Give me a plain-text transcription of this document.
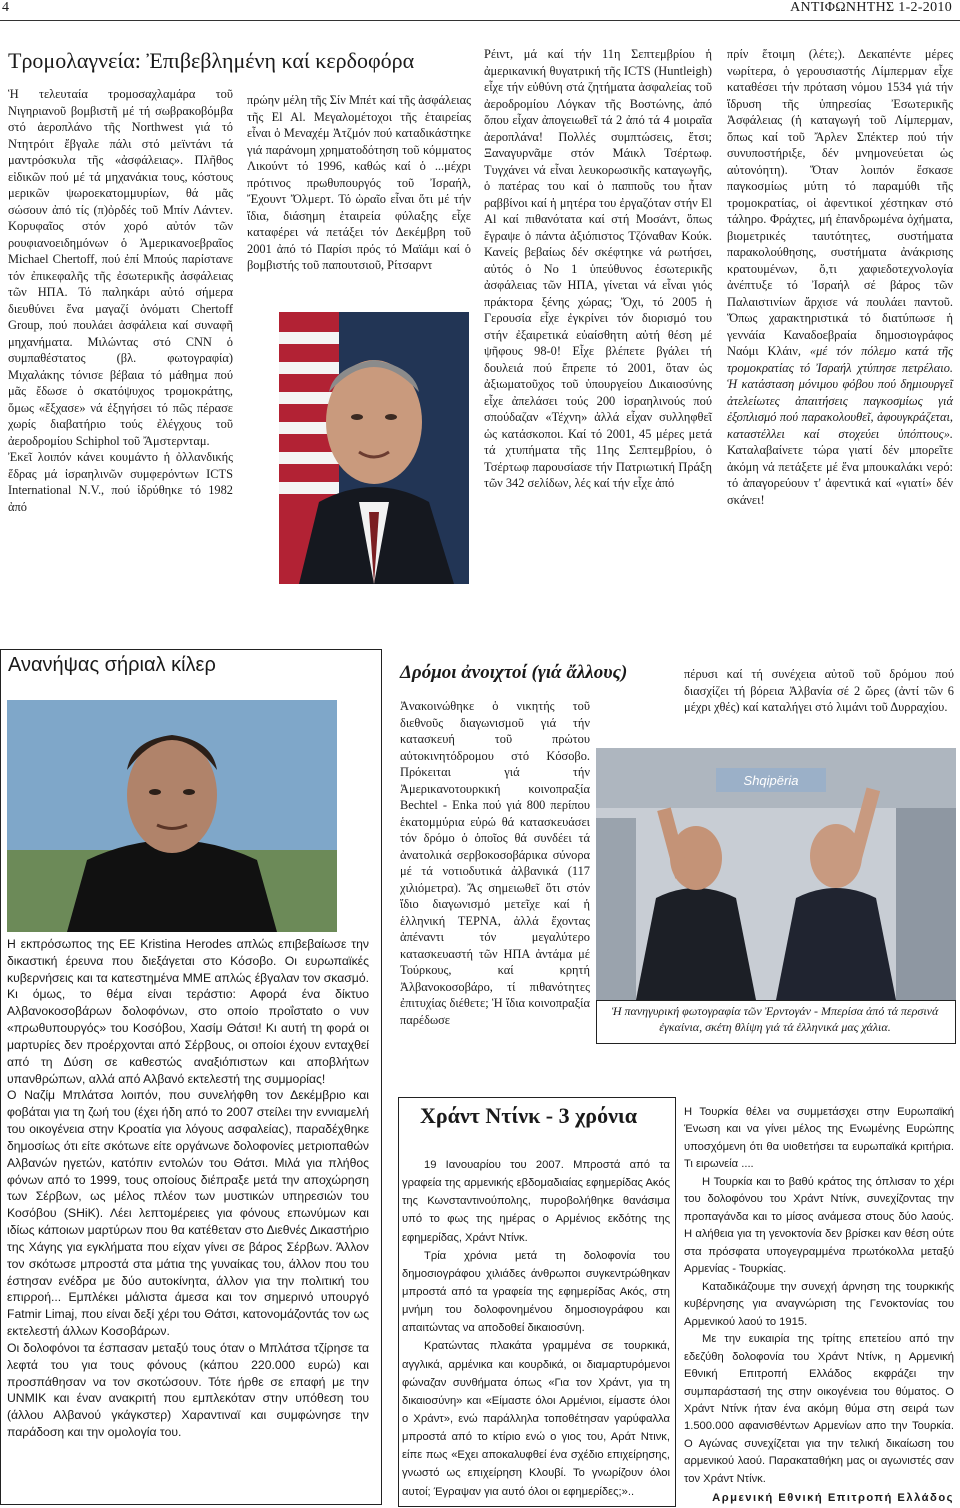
4	ΑΝΤΙΦΩΝΗΤΗΣ 1-2-2010
Τρομολαγνεία: Ἐπιβεβλημένη καί κερδοφόρα

Ἡ τελευταία τρομοσαχλαμάρα τοῦ Νιγηριανοῦ βομβιστῆ μέ τή σωβρακοβόμβα στό ἀεροπλάνο τῆς Northwest γιά τό Ντητρόιτ ἔβγαλε πάλι στό μεϊντάνι τά μαντρόσκυλα τῆς «ἀσφάλειας». Πλῆθος εἰδικῶν πού μέ τά μηχανάκια τους, κόστους μερικῶν ψωροεκατομμυρίων, θά μᾶς σώσουν ἀπό τίς (π)ὀρδές τοῦ Μπίν Λάντεν. Κορυφαῖος στόν χορό αὐτόν τῶν ρουφιανοειδημόνων ὁ Ἀμερικανοεβραῖος Michael Chertoff, πού ἐπί Μπούς παρίστανε τόν ἐπικεφαλῆς τῆς ἐσωτερικῆς ἀσφάλειας τῶν ΗΠΑ. Τό παληκάρι αὐτό σήμερα διευθύνει ἕνα μαγαζί ὀνόματι Chertoff Group, πού πουλάει ἀσφάλεια καί συναφῆ μηχανήματα. Μιλώντας στό CNN ὁ συμπαθέστατος (βλ. φωτογραφία) Μιχαλάκης τόνισε βέβαια τό μάθημα πού μᾶς ἔδωσε ὁ σκατόψυχος τρομοκράτης, ὅμως «ἔξχασε» νά ἐξηγήσει τό πῶς πέρασε χωρίς διαβατήριο τούς ἐλέγχους τοῦ ἀεροδρομίου Schiphol τοῦ Ἄμστερνταμ.

Ἐκεῖ λοιπόν κάνει κουμάντο ἡ ὀλλανδικής ἕδρας μά ἰσραηλινῶν συμφερόντων ICTS International N.V., πού ἱδρύθηκε τό 1982 ἀπό

πρώην μέλη τῆς Σίν Μπέτ καί τῆς ἀσφάλειας τῆς El Al. Μεγαλομέτοχοι τῆς ἑταιρείας εἶναι ὁ Μεναχέμ Ἀτζμόν πού καταδικάστηκε γιά παράνομη χρηματοδότηση τοῦ κόμματος Λικούντ τό 1996, καθώς καί ὁ ...μέχρι πρότινος πρωθυπουργός τοῦ Ἰσραήλ, Ἔχουντ Ὄλμερτ. Τό ὡραῖο εἶναι ὅτι μέ τήν ἴδια, διάσημη ἑταιρεία φύλαξης εἶχε καταφέρει νά πετάξει τόν Δεκέμβρη τοῦ 2001 ἀπό τό Παρίσι πρός τό Μαϊάμι καί ὁ βομβιστής τοῦ παπουτσιοῦ, Ρίτσαρντ
Ρέιντ, μά καί τήν 11η Σεπτεμβρίου ἡ ἀμερικανική θυγατρική τῆς ICTS (Huntleigh) εἶχε τήν εὐθύνη στά ζητήματα ἀσφαλείας τοῦ ἀεροδρομίου Λόγκαν τῆς Βοστώνης, ἀπό ὅπου εἶχαν ἀπογειωθεῖ τά 2 ἀπό τά 4 μοιραῖα ἀεροπλάνα! Πολλές συμπτώσεις, ἔτσι; Ξαναγυρνᾶμε στόν Μάικλ Τσέρτωφ. Τυγχάνει νά εἶναι λευκορωσικῆς καταγωγῆς, ὁ πατέρας του καί ὁ παπποῦς του ἦταν ραββίνοι καί ἡ μητέρα του ἐργαζόταν στήν El Al καί πιθανότατα καί στή Μοσάντ, ὅπως ἔγραψε ὁ πάντα ἀξιόπιστος Τζόναθαν Κούκ. Κανείς βεβαίως δέν σκέφτηκε νά ρωτήσει, αὐτός ὁ Νο 1 ὑπεύθυνος ἐσωτερικῆς ἀσφάλειας τῶν ΗΠΑ, γίνεται νά εἶναι γιός πράκτορα ξένης χώρας; Ὄχι, τό 2005 ἡ Γερουσία εἶχε ἐγκρίνει τόν διορισμό του στήν ἐξαιρετικά εὐαίσθητη αὐτή θέση μέ ψῆφους 98-0! Εἶχε βλέπετε βγάλει τή δουλειά πού ἔπρεπε τό 2001, ὅταν ὡς ἀξιωματοῦχος τοῦ ὑπουργείου Δικαιοσύνης εἶχε ἀπελάσει τούς 200 ἰσραηλινούς πού σπούδαζαν «Τέχνη» ἀλλά εἶχαν συλληφθεῖ ὡς κατάσκοποι. Καί τό 2001, 45 μέρες μετά τά χτυπήματα τῆς 11ης Σεπτεμβρίου, ὁ Τσέρτωφ παρουσίασε τήν Πατριωτική Πράξη τῶν 342 σελίδων, λές καί τήν εἶχε ἀπό
πρίν ἕτοιμη (λέτε;). Δεκαπέντε μέρες νωρίτερα, ὁ γερουσιαστής Λίμπερμαν εἶχε καταθέσει τήν πρόταση νόμου 1534 γιά τήν ἵδρυση τῆς ὑπηρεσίας Ἐσωτερικῆς Ἀσφάλειας (ἡ καταγωγή τοῦ Λίμπερμαν, ὅπως καί τοῦ Ἄρλεν Σπέκτερ πού τήν συνυποστήριξε, δέν μνημονεύεται ὡς αὐτονόητη). Ὅταν λοιπόν ἔσκασε παγκοσμίως μύτη τό παραμύθι τῆς τρομοκρατίας, οἱ ἀφεντικοί χέστηκαν στό τάληρο. Φράχτες, μή ἐπανδρωμένα ὀχήματα, βιομετρικές ταυτότητες, συστήματα παρακολούθησης, συστήματα ἀνάκρισης κρατουμένων, ὅ,τι χαφιεδοτεχνολογία ἀνέπτυξε τό Ἰσραήλ σέ βάρος τῶν Παλαιστινίων ἄρχισε νά πουλάει παντοῦ. Ὅπως χαρακτηριστικά τό διατύπωσε ἡ γεννάία Καναδοεβραία δημοσιογράφος Ναόμι Κλάιν, «μέ τόν πόλεμο κατά τῆς τρομοκρατίας τό Ἰσραήλ χτύπησε πετρέλαιο. Ἡ κατάσταση μόνιμου φόβου πού δημιουργεῖ ἀτελείωτες ἀπαιτήσεις παγκοσμίως γιά ἐξοπλισμό πού παρακολουθεῖ, ἀφουγκράζεται, καταστέλλει καί στοχεύει ὑπόπτους». Καταλαβαίνετε τώρα γιατί δέν μπορεῖτε ἀκόμη νά πετάξετε μέ ἕνα μπουκαλάκι νερό: τό ἀπαγορεύουν τ' ἀφεντικά καί «γιατί» δέν σκάνει!
Ανανήψας σήριαλ κίλερ

Η εκπρόσωπος της ΕΕ Kristina Herodes απλώς επιβεβαίωσε την δικαστική έρευνα που διεξάγεται στο Κόσοβο. Οι ευρωπαϊκές κυβερνήσεις και τα κατεστημένα ΜΜΕ απλώς έβγαλαν τον σκασμό. Κι όμως, το θέμα είναι τεράστιο: Αφορά ένα δίκτυο Αλβανοκοσοβάρων δολοφόνων, στο οποίο προΐσταto o νυν «πρωθυπουργός» του Κοσόβου, Χασίμ Θάτσι! Κι αυτή τη φορά οι μαρτυρίες δεν προέρχονται από Σέρβους, οι οποίοι έχουν ενταχθεί από τη Δύση σε καθεστώς αναξιόπιστων και αποβλήτων υπανθρώπων, αλλά από Αλβανό εκτελεστή της συμμορίας!

Ο Ναζίμ Μπλάτσα λοιπόν, που συνελήφθη τον Δεκέμβριο και φοβάται για τη ζωή του (έχει ήδη από το 2007 στείλει την εννιαμελή του οικογένεια στην Κροατία για λόγους ασφαλείας), παραδέχθηκε δημοσίως ότι είτε σκότωνε είτε οργάνωνε δολοφονίες μετριοπαθών Αλβανών ηγετών, κατόπιν εντολών του Θάτσι. Μιλά για πλήθος φόνων από το 1999, τους οποίους διέπραξε μετά την αποχώρηση των Σέρβων, ως μέλος πλέον των μυστικών υπηρεσιών του Κοσόβου (SHiK). Λέει λεπτομέρειες για φόνους επωνύμων και ιδίως κάποιων μαρτύρων που θα κατέθεταν στο Διεθνές Δικαστήριο της Χάγης για εγκλήματα που είχαν γίνει σε βάρος Σέρβων. Άλλον τον σκότωσε μπροστά στα μάτια της γυναίκας του, άλλον που του έστησαν ενέδρα με δύο αυτοκίνητα, άλλον για την πολιτική του επιρροή... Εμπλέκει μάλιστα άμεσα και τον σημερινό υπουργό Fatmir Limaj, που είναι δεξί χέρι του Θάτσι, κατονομάζοντάς τον ως εκτελεστή άλλων Κοσοβάρων.

Οι δολοφόνοι τα έσπασαν μεταξύ τους όταν ο Μπλάτσα τζίρησε τα λεφτά του για τους φόνους (κάπου 220.000 ευρώ) και προσπάθησαν να τον σκοτώσουν. Τότε ήρθε σε επαφή με την UNMIK και έναν ανακριτή που εμπλεκόταν στην υπόθεση του (άλλου Αλβανού γκάγκστερ) Χαραντιναϊ και συμφώνησε την παράδοση και την ομολογία του.

Δρόμοι ἀνοιχτοί (γιά ἄλλους)
Ἀνακοινώθηκε ὁ νικητής τοῦ διεθνοῦς διαγωνισμοῦ γιά τήν κατασκευή τοῦ πρώτου αὐτοκινητόδρομου στό Κόσοβο. Πρόκειται γιά τήν Ἀμερικανοτουρκική κοινοπραξία Bechtel - Enka πού γιά 800 περίπου ἑκατομμύρια εὐρώ θά κατασκευάσει τόν δρόμο ὁ ὁποῖος θά συνδέει τά ἀνατολικά σερβοκοσοβάρικα σύνορα μέ τά νοτιοδυτικά ἀλβανικά (117 χιλιόμετρα). Ἄς σημειωθεῖ ὅτι στόν ἴδιο διαγωνισμό μετεῖχε καί ἡ ἑλληνική ΤΕΡΝΑ, ἀλλά ἔχοντας ἀπέναντι τόν μεγαλύτερο κατασκευαστή τῶν ΗΠΑ ἀντάμα μέ Τούρκους, καί κρητή Ἀλβανοκοσοβάρο, τί πιθανότητες ἐπιτυχίας διέθετε; Ἡ ἴδια κοινοπραξία παρέδωσε
πέρυσι καί τή συνέχεια αὐτοῦ τοῦ δρόμου πού διασχίζει τή βόρεια Ἀλβανία σέ 2 ὥρες (ἀντί τῶν 6 μέχρι χθές) καί καταλήγει στό λιμάνι τοῦ Δυρραχίου.
Shqipëria
Ἡ πανηγυρική φωτογραφία τῶν Ἐρντογάν - Μπερίσα ἀπό τά περσινά ἐγκαίνια, σκέτη θλίψη γιά τά ἑλληνικά μας χάλια.
Χράντ Ντίνκ - 3 χρόνια

19 Ιανουαρίου του 2007. Μπροστά από τα γραφεία της αρμενικής εβδομαδιαίας εφημερίδας Ακός της Κωνσταντινούπολης, πυροβολήθηκε θανάσιμα υπό το φως της ημέρας ο Αρμένιος εκδότης της εφημερίδας, Χράντ Ντίνκ.

Τρία χρόνια μετά τη δολοφονία του δημοσιογράφου χιλιάδες άνθρωποι συγκεντρώθηκαν μπροστά από τα γραφεία της εφημερίδας Ακός, στη μνήμη του δολοφονημένου δημοσιογράφου και απαιτώντας να αποδοθεί δικαιοσύνη.

Κρατώντας πλακάτα γραμμένα σε τουρκικά, αγγλικά, αρμένικα και κουρδικά, οι διαμαρτυρόμενοι φώναζαν συνθήματα όπως «Για τον Χράντ, για τη δικαιοσύνη» και «Είμαστε όλοι Αρμένιοι, είμαστε όλοι ο Χράντ», ενώ παράλληλα τοποθέτησαν γαρύφαλλα μπροστά από το κτίριο ενώ ο γιος του, Αράτ Ντινκ, είπε πως «Εχει αποκαλυφθεί ένα σχέδιο επιχείρησης, γνωστό ως επιχείρηση Κλουβί. Το γνωρίζουν όλοι αυτοί; Έγραψαν για αυτό όλοι οι εφημερίδες;»..

Η Τουρκία θέλει να συμμετάσχει στην Ευρωπαϊκή Ένωση και να γίνει μέλος της Ενωμένης Ευρώπης υποσχόμενη ότι θα υιοθετήσει τα ευρωπαϊκά κριτήρια. Τι ειρωνεία ....

Η Τουρκία και το βαθύ κράτος της όπλισαν το χέρι του δολοφόνου του Χράντ Ντίνκ, συνεχίζοντας την προπαγάνδα και το μίσος ανάμεσα στους δύο λαούς. Η αλήθεια για τη γενοκτονία δεν βρίσκει καν θέση ούτε στα πρόσφατα υπογεγραμμένα πρωτόκολλα μεταξύ Αρμενίας - Τουρκίας.

Καταδικάζουμε την συνεχή άρνηση της τουρκικής κυβέρνησης για αναγνώριση της Γενοκτονίας του Αρμενικού λαού το 1915.

Με την ευκαιρία της τρίτης επετείου από την εδεζύθη δολοφονία του Χράντ Ντίνκ, η Αρμενική Εθνική Επιτροπή Ελλάδος εκφράζει την συμπαράστασή της στην οικογένεια του θύματος. Ο Χράντ Ντίνκ ήταν ένα ακόμη θύμα στη σειρά των 1.500.000 αφανισθέντων Αρμενίων απο την Τουρκία. Ο Αγώνας συνεχίζεται για την τελική δικαίωση του αρμενικού λαού. Παρακαταθήκη μας οι αγωνιστές σαν τον Χράντ Ντίνκ.

Αρμενική Εθνική Επιτροπή Ελλάδος
